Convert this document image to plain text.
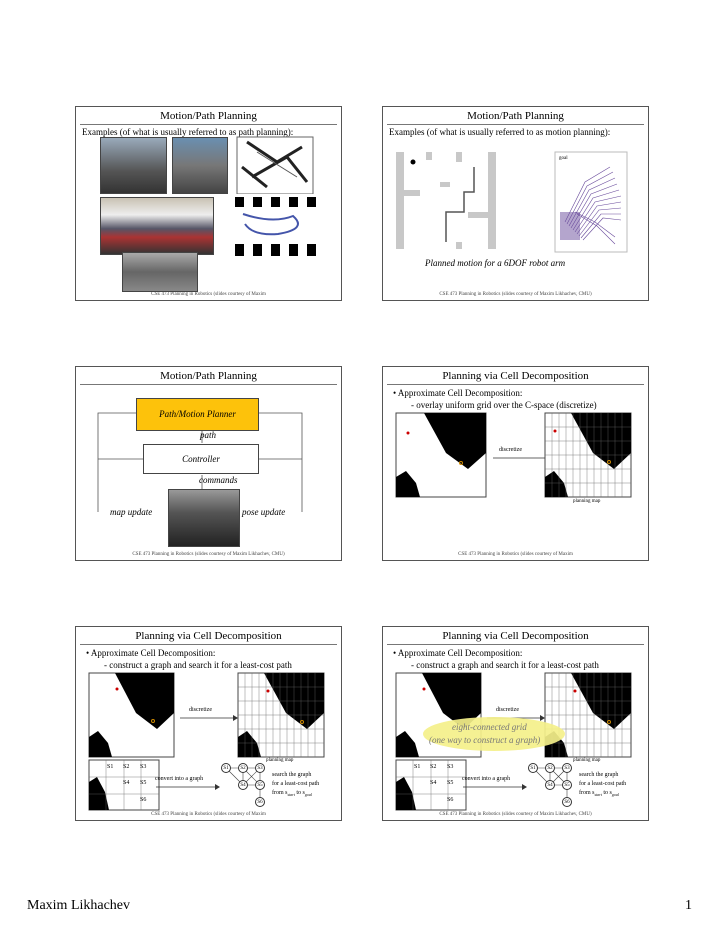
Motion/Path Planning
Examples (of what is usually referred to as path planning):
CSE 473 Planning in Robotics (slides courtesy of Maxim
Motion/Path Planning
Examples (of what is usually referred to as motion planning):
goal
Planned motion for a 6DOF robot arm
CSE 473 Planning in Robotics (slides courtesy of Maxim Likhachev, CMU)
Motion/Path Planning
Path/Motion Planner
path
Controller
commands
map update	pose update
CSE 473 Planning in Robotics (slides courtesy of Maxim Likhachev, CMU)
Planning via Cell Decomposition
• Approximate Cell Decomposition:
- overlay uniform grid over the C-space (discretize)
discretize
planning map
CSE 473 Planning in Robotics (slides courtesy of Maxim
Planning via Cell Decomposition
• Approximate Cell Decomposition:
- construct a graph and search it for a least-cost path
discretize
planning map
S1 S2 S3
S4 S5
S6
convert into a graph
S1	S2	S3
S4	S5
S6
search the graph
for a least-cost path
from $s_{start}$ to $s_{goal}$
CSE 473 Planning in Robotics (slides courtesy of Maxim
Planning via Cell Decomposition
• Approximate Cell Decomposition:
- construct a graph and search it for a least-cost path
discretize
eight-connected grid
(one way to construct a graph)
planning map
S1 S2 S3
S4 S5
S6
convert into a graph
S1	S2	S3
S4	S5
S6
search the graph
for a least-cost path
from $s_{start}$ to $s_{goal}$
CSE 473 Planning in Robotics (slides courtesy of Maxim Likhachev, CMU)
Maxim Likhachev	1
